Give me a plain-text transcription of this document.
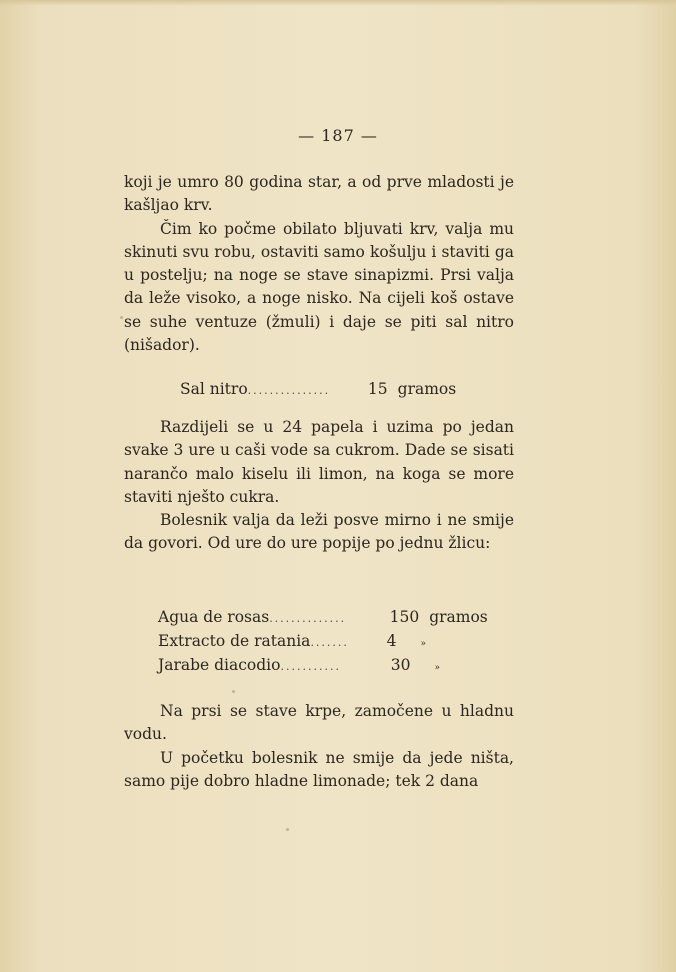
— 187 —

koji je umro 80 godina star, a od prve mladosti je kašljao krv.

Čim ko počme obilato bljuvati krv, valja mu skinuti svu robu, ostaviti samo košulju i staviti ga u postelju; na noge se stave sinapizmi. Prsi valja da leže visoko, a noge nisko. Na cijeli koš ostave se suhe ventuze (žmuli) i daje se piti sal nitro (nišador).

Sal nitro ...............	15 gramos

Razdijeli se u 24 papela i uzima po jedan svake 3 ure u caši vode sa cukrom. Dade se sisati narančo malo kiselu ili limon, na koga se more staviti nješto cukra.

Bolesnik valja da leži posve mirno i ne smije da govori. Od ure do ure popije po jednu žlicu:

Agua de rosas ..............	150 gramos
Extracto de ratania .......	4	»
Jarabe diacodio ...........	30	»

Na prsi se stave krpe, zamočene u hladnu vodu.

U početku bolesnik ne smije da jede ništa, samo pije dobro hladne limonade; tek 2 dana
